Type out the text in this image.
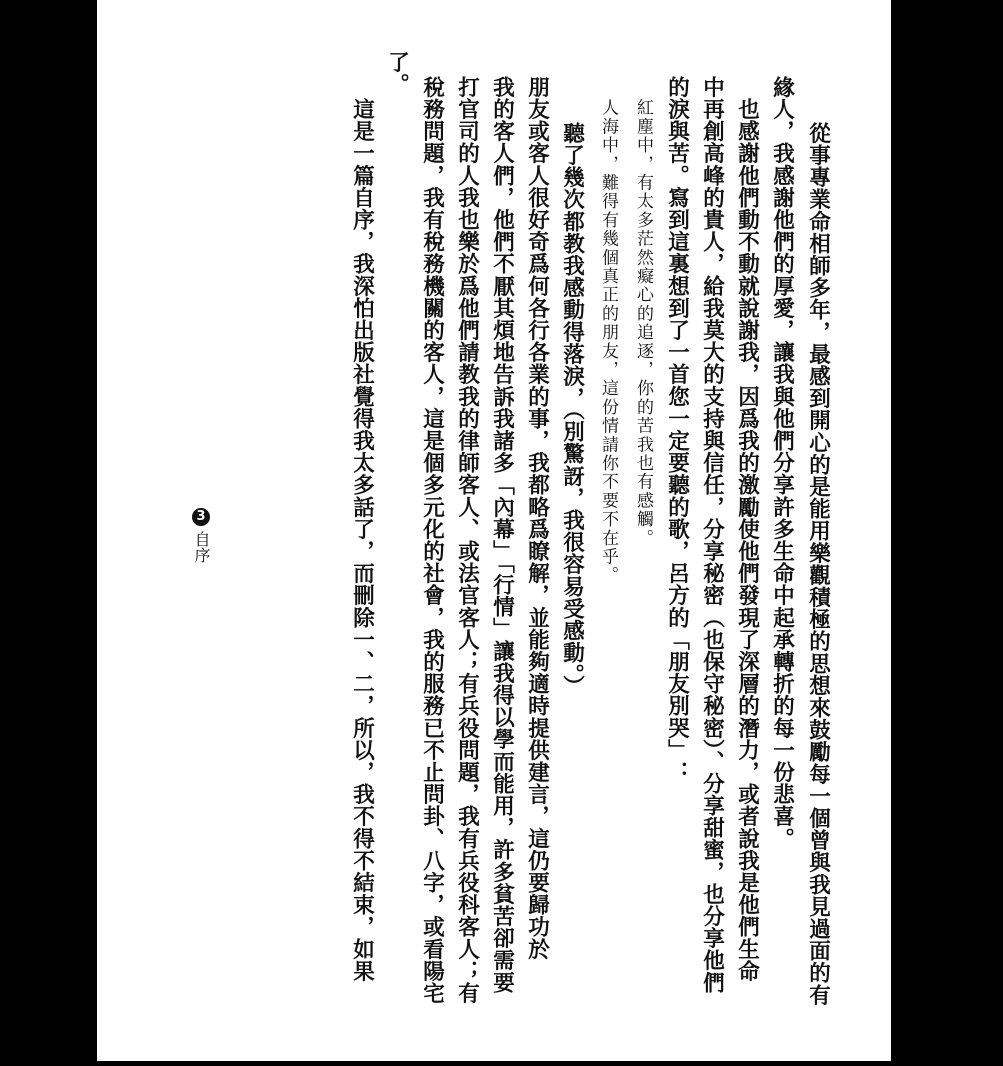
從事專業命相師多年，最感到開心的是能用樂觀積極的思想來鼓勵每一個曾與我見過面的有
緣人，我感謝他們的厚愛，讓我與他們分享許多生命中起承轉折的每一份悲喜。
　也感謝他們動不動就說謝我，因爲我的激勵使他們發現了深層的潛力，或者說我是他們生命
中再創高峰的貴人，給我莫大的支持與信任，分享秘密（也保守秘密）、分享甜蜜，也分享他們
的淚與苦。寫到這裏想到了一首您一定要聽的歌，呂方的「朋友別哭」：
　紅塵中，有太多茫然癡心的追逐，你的苦我也有感觸。
　人海中，難得有幾個真正的朋友，這份情請你不要不在乎。
聽了幾次都教我感動得落淚，（別驚訝，我很容易受感動。）
朋友或客人很好奇爲何各行各業的事，我都略爲瞭解，並能夠適時提供建言，這仍要歸功於
我的客人們，他們不厭其煩地告訴我諸多「內幕」「行情」讓我得以學而能用，許多貧苦卻需要
打官司的人我也樂於爲他們請教我的律師客人、或法官客人；有兵役問題，我有兵役科客人；有
稅務問題，我有稅務機關的客人，這是個多元化的社會，我的服務已不止問卦、八字，或看陽宅
了。
　這是一篇自序，我深怕出版社覺得我太多話了，而刪除一、二，所以，我不得不結束，如果
3自序
